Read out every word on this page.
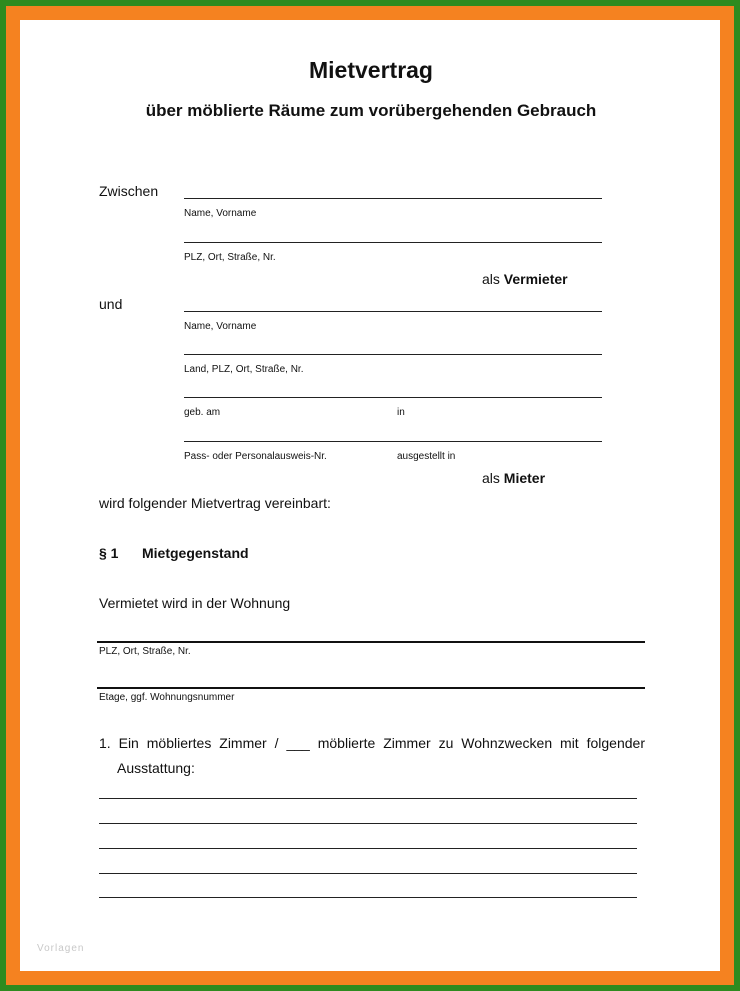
Mietvertrag
über möblierte Räume zum vorübergehenden Gebrauch
Zwischen
Name, Vorname
PLZ, Ort, Straße, Nr.
als Vermieter
und
Name, Vorname
Land, PLZ, Ort, Straße, Nr.
geb. am	in
Pass- oder Personalausweis-Nr.	ausgestellt in
als Mieter
wird folgender Mietvertrag vereinbart:
§ 1 Mietgegenstand
Vermietet wird in der Wohnung
PLZ, Ort, Straße, Nr.
Etage, ggf. Wohnungsnummer
1. Ein möbliertes Zimmer / ___ möblierte Zimmer zu Wohnzwecken mit folgender
Ausstattung:
Vorlagen
